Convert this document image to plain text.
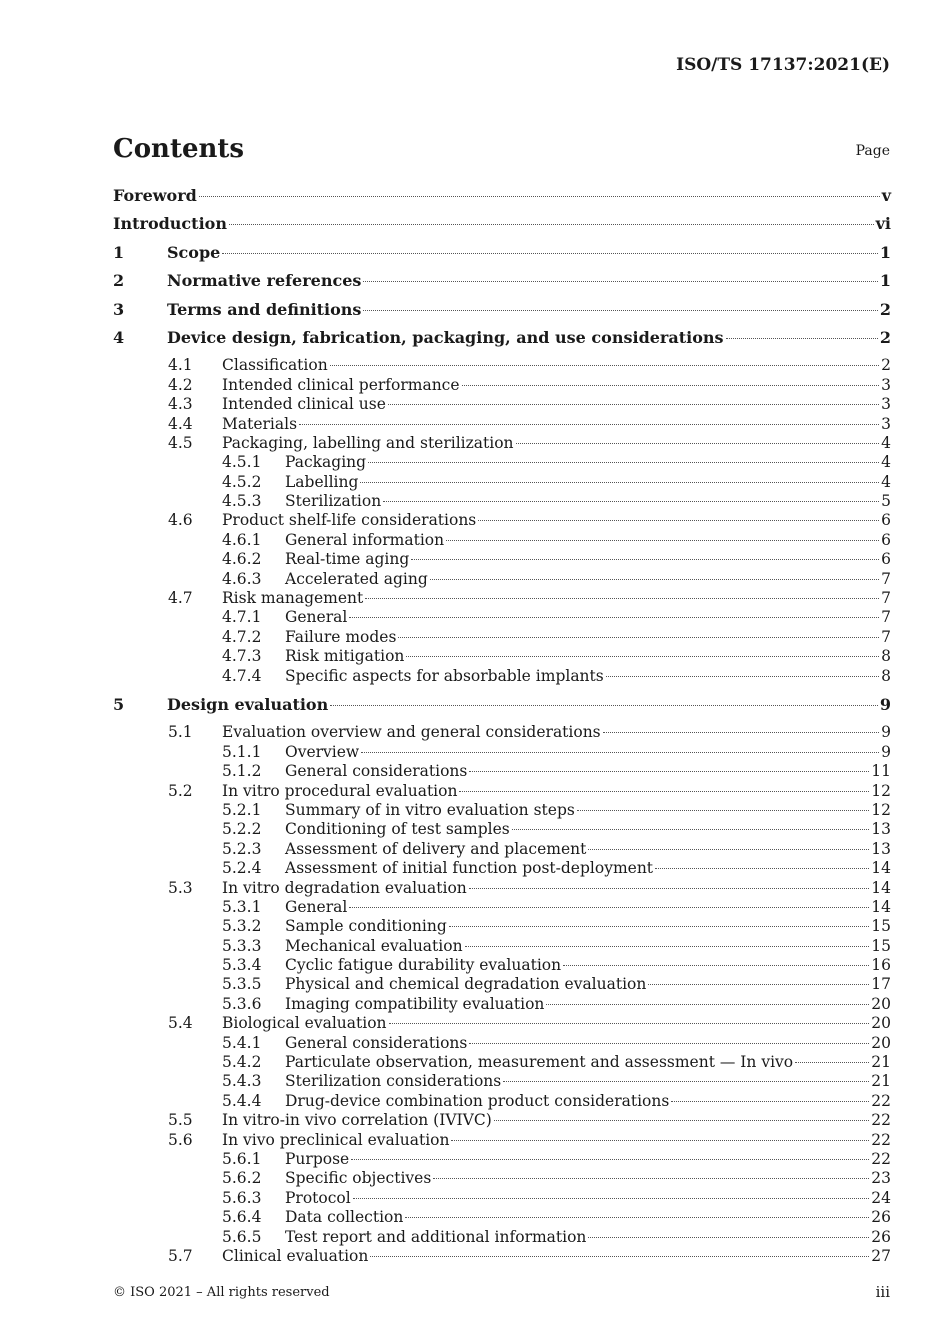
ISO/TS 17137:2021(E)
Contents	Page
Foreword	v
Introduction	vi
1	Scope	1
2	Normative references	1
3	Terms and definitions	2
4	Device design, fabrication, packaging, and use considerations	2
4.1 Classification	2
4.2 Intended clinical performance	3
4.3 Intended clinical use	3
4.4 Materials	3
4.5 Packaging, labelling and sterilization	4
4.5.1 Packaging	4
4.5.2 Labelling	4
4.5.3 Sterilization	5
4.6 Product shelf-life considerations	6
4.6.1 General information	6
4.6.2 Real-time aging	6
4.6.3 Accelerated aging	7
4.7 Risk management	7
4.7.1 General	7
4.7.2 Failure modes	7
4.7.3 Risk mitigation	8
4.7.4 Specific aspects for absorbable implants	8
5	Design evaluation	9
5.1 Evaluation overview and general considerations	9
5.1.1 Overview	9
5.1.2 General considerations	11
5.2 In vitro procedural evaluation	12
5.2.1 Summary of in vitro evaluation steps	12
5.2.2 Conditioning of test samples	13
5.2.3 Assessment of delivery and placement	13
5.2.4 Assessment of initial function post-deployment	14
5.3 In vitro degradation evaluation	14
5.3.1 General	14
5.3.2 Sample conditioning	15
5.3.3 Mechanical evaluation	15
5.3.4 Cyclic fatigue durability evaluation	16
5.3.5 Physical and chemical degradation evaluation	17
5.3.6 Imaging compatibility evaluation	20
5.4 Biological evaluation	20
5.4.1 General considerations	20
5.4.2 Particulate observation, measurement and assessment — In vivo	21
5.4.3 Sterilization considerations	21
5.4.4 Drug-device combination product considerations	22
5.5 In vitro-in vivo correlation (IVIVC)	22
5.6 In vivo preclinical evaluation	22
5.6.1 Purpose	22
5.6.2 Specific objectives	23
5.6.3 Protocol	24
5.6.4 Data collection	26
5.6.5 Test report and additional information	26
5.7 Clinical evaluation	27
© ISO 2021 – All rights reserved	iii
